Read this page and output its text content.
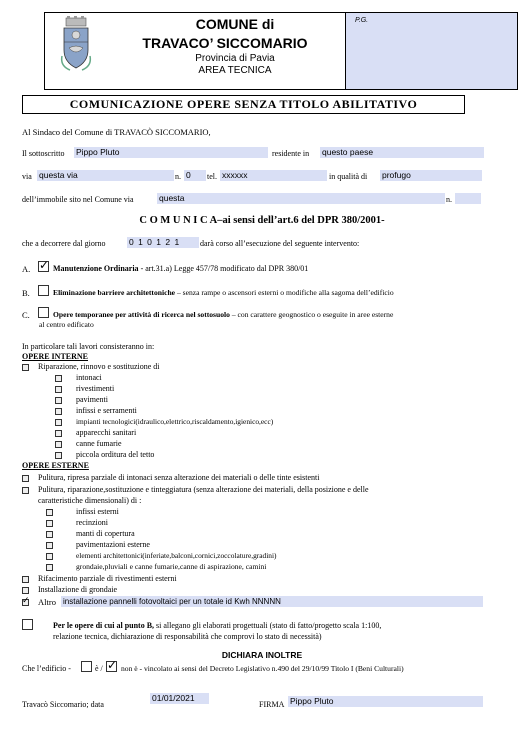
P.G.
COMUNE di
TRAVACO’ SICCOMARIO
Provincia di Pavia
AREA TECNICA
COMUNICAZIONE OPERE SENZA TITOLO ABILITATIVO
Al Sindaco del Comune di TRAVACÒ SICCOMARIO,
Il sottoscritto Pippo Pluto	residente in questo paese
via questa via	n. 0	tel. xxxxxx	in qualità di profugo
dell’immobile sito nel Comune via	questa	n.
C O M U N I C A–ai sensi dell’art.6 del DPR 380/2001-
che a decorrere dal giorno	0 1 0 1 2 1	darà corso all’esecuzione del seguente intervento:
A. ✓	Manutenzione Ordinaria - art.31.a) Legge 457/78 modificato dal DPR 380/01
B.	Eliminazione barriere architettoniche – senza rampe o ascensori esterni o modifiche alla sagoma dell’edificio
C.	Opere temporanee per attività di ricerca nel sottosuolo – con carattere geognostico o eseguite in aree esterne
al centro edificato
In particolare tali lavori consisteranno in:
OPERE INTERNE
Riparazione, rinnovo e sostituzione di
intonaci
rivestimenti
pavimenti
infissi e serramenti
impianti tecnologici(idraulico,elettrico,riscaldamento,igienico,ecc)
apparecchi sanitari
canne fumarie
piccola orditura del tetto
OPERE ESTERNE
Pulitura, ripresa parziale di intonaci senza alterazione dei materiali o delle tinte esistenti
Pulitura, riparazione,sostituzione e tinteggiatura (senza alterazione dei materiali, della posizione e delle
caratteristiche dimensionali) di :
infissi esterni
recinzioni
manti di copertura
pavimentazioni esterne
elementi architettonici(inferiate,balconi,cornici,zoccolature,gradini)
grondaie,pluviali e canne fumarie,canne di aspirazione, camini
Rifacimento parziale di rivestimenti esterni
Installazione di grondaie
✓
Altro installazione pannelli fotovoltaici per un totale id Kwh NNNNN
Per le opere di cui al punto B, si allegano gli elaborati progettuali (stato di fatto/progetto scala 1:100,
relazione tecnica, dichiarazione di responsabilità che comprovi lo stato di necessità)
DICHIARA INOLTRE
Che l’edificio -	è / ✓ non è - vincolato ai sensi del Decreto Legislativo n.490 del 29/10/99 Titolo I (Beni Culturali)
Travacò Siccomario; data
01/01/2021
FIRMA Pippo Pluto
